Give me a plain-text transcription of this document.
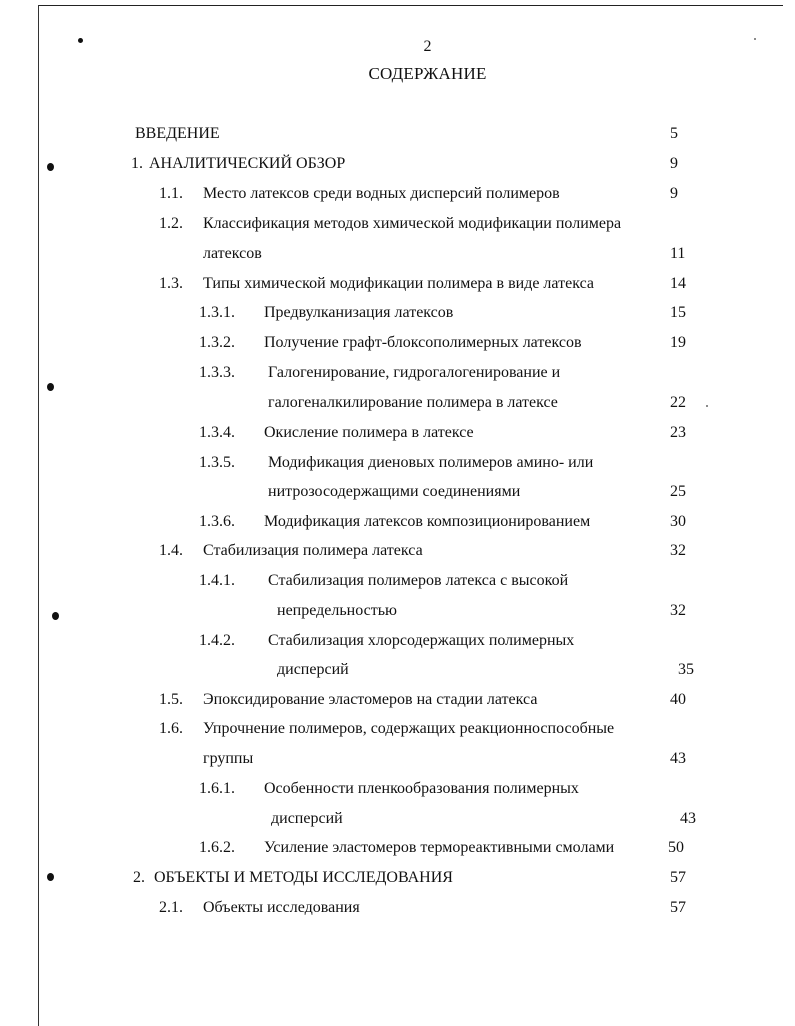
2
СОДЕРЖАНИЕ
ВВЕДЕНИЕ	5
1. АНАЛИТИЧЕСКИЙ ОБЗОР	9
1.1. Место латексов среди водных дисперсий полимеров	9
1.2. Классификация методов химической модификации полимера
латексов	11
1.3. Типы химической модификации полимера в виде латекса	14
1.3.1. Предвулканизация латексов	15
1.3.2. Получение графт-блоксополимерных латексов	19
1.3.3. Галогенирование, гидрогалогенирование и
галогеналкилирование полимера в латексе	22
1.3.4. Окисление полимера в латексе	23
1.3.5. Модификация диеновых полимеров амино- или
нитрозосодержащими соединениями	25
1.3.6. Модификация латексов композиционированием	30
1.4. Стабилизация полимера латекса	32
1.4.1. Стабилизация полимеров латекса с высокой
непредельностью	32
1.4.2. Стабилизация хлорсодержащих полимерных
дисперсий	35
1.5. Эпоксидирование эластомеров на стадии латекса	40
1.6. Упрочнение полимеров, содержащих реакционноспособные
группы	43
1.6.1. Особенности пленкообразования полимерных
дисперсий	43
1.6.2. Усиление эластомеров термореактивными смолами	50
2. ОБЪЕКТЫ И МЕТОДЫ ИССЛЕДОВАНИЯ	57
2.1. Объекты исследования	57
